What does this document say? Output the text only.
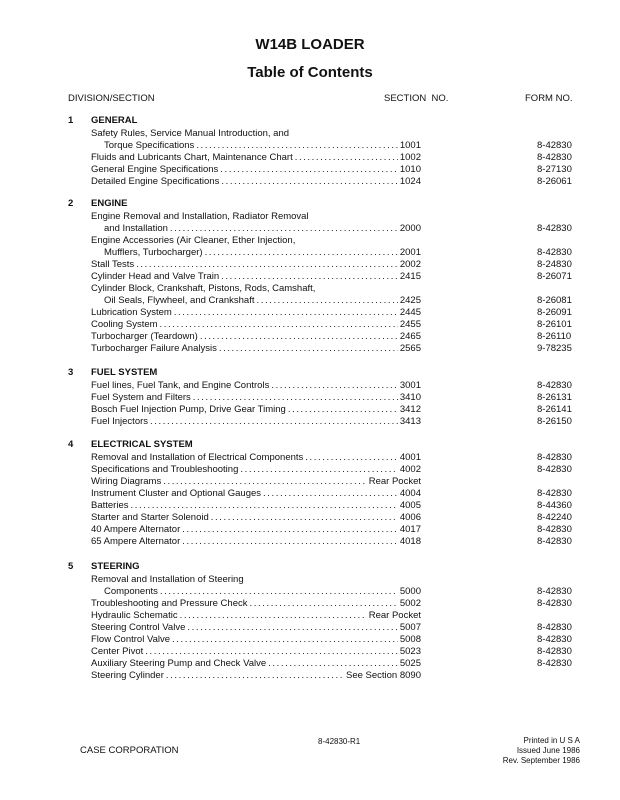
W14B LOADER
Table of Contents
DIVISION/SECTION	SECTION  NO.	FORM NO.
1 GENERAL
Safety Rules, Service Manual Introduction, and
Torque Specifications .....	1001	8-42830
Fluids and Lubricants Chart, Maintenance Chart .....	1002	8-42830
General Engine Specifications .....	1010	8-27130
Detailed Engine Specifications .....	1024	8-26061
2 ENGINE
Engine Removal and Installation, Radiator Removal
and Installation .....	2000	8-42830
Engine Accessories (Air Cleaner, Ether Injection,
Mufflers, Turbocharger) .....	2001	8-42830
Stall Tests .....	2002	8-24830
Cylinder Head and Valve Train .....	2415	8-26071
Cylinder Block, Crankshaft, Pistons, Rods, Camshaft,
Oil Seals, Flywheel, and Crankshaft .....	2425	8-26081
Lubrication System .....	2445	8-26091
Cooling System .....	2455	8-26101
Turbocharger (Teardown) .....	2465	8-26110
Turbocharger Failure Analysis .....	2565	9-78235
3 FUEL SYSTEM
Fuel lines, Fuel Tank, and Engine Controls .....	3001	8-42830
Fuel System and Filters .....	3410	8-26131
Bosch Fuel Injection Pump, Drive Gear Timing .....	3412	8-26141
Fuel Injectors .....	3413	8-26150
4 ELECTRICAL SYSTEM
Removal and Installation of Electrical Components .....	4001	8-42830
Specifications and Troubleshooting .....	4002	8-42830
Wiring Diagrams .....	Rear Pocket
Instrument Cluster and Optional Gauges .....	4004	8-42830
Batteries .....	4005	8-44360
Starter and Starter Solenoid .....	4006	8-42240
40 Ampere Alternator .....	4017	8-42830
65 Ampere Alternator .....	4018	8-42830
5 STEERING
Removal and Installation of Steering
Components .....	5000	8-42830
Troubleshooting and Pressure Check .....	5002	8-42830
Hydraulic Schematic .....	Rear Pocket
Steering Control Valve .....	5007	8-42830
Flow Control Valve .....	5008	8-42830
Center Pivot .....	5023	8-42830
Auxiliary Steering Pump and Check Valve .....	5025	8-42830
Steering Cylinder .....	See Section 8090
CASE CORPORATION
8-42830-R1	Printed in U S A
Issued June 1986
Rev. September 1986
